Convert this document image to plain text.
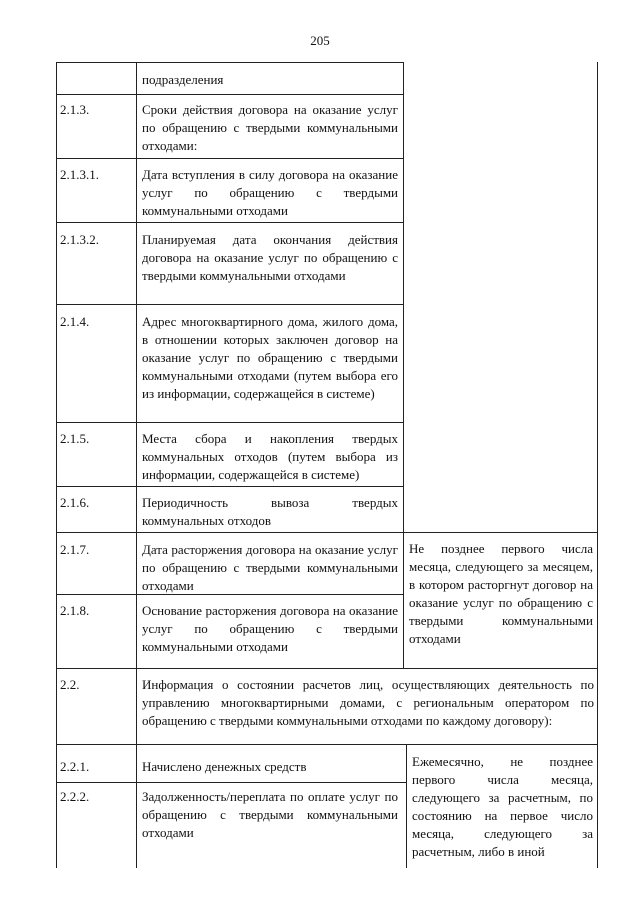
205
подразделения
2.1.3.	Сроки действия договора на оказание услуг по обращению с твердыми коммунальными отходами:
2.1.3.1.	Дата вступления в силу договора на оказание услуг по обращению с твердыми коммунальными отходами
2.1.3.2.	Планируемая дата окончания действия договора на оказание услуг по обращению с твердыми коммунальными отходами
2.1.4.	Адрес многоквартирного дома, жилого дома, в отношении которых заключен договор на оказание услуг по обращению с твердыми коммунальными отходами (путем выбора его из информации, содержащейся в системе)
2.1.5.	Места сбора и накопления твердых коммунальных отходов (путем выбора из информации, содержащейся в системе)
2.1.6.	Периодичность вывоза твердых коммунальных отходов
2.1.7.	Дата расторжения договора на оказание услуг по обращению с твердыми коммунальными отходами
2.1.8.	Основание расторжения договора на оказание услуг по обращению с твердыми коммунальными отходами
Не позднее первого числа месяца, следующего за месяцем, в котором расторгнут договор на оказание услуг по обращению с твердыми коммунальными отходами
2.2.	Информация о состоянии расчетов лиц, осуществляющих деятельность по управлению многоквартирными домами, с региональным оператором по обращению с твердыми коммунальными отходами по каждому договору):
2.2.1.	Начислено денежных средств
2.2.2.	Задолженность/переплата по оплате услуг по обращению с твердыми коммунальными отходами
Ежемесячно, не позднее первого числа месяца, следующего за расчетным, по состоянию на первое число месяца, следующего за расчетным, либо в иной
